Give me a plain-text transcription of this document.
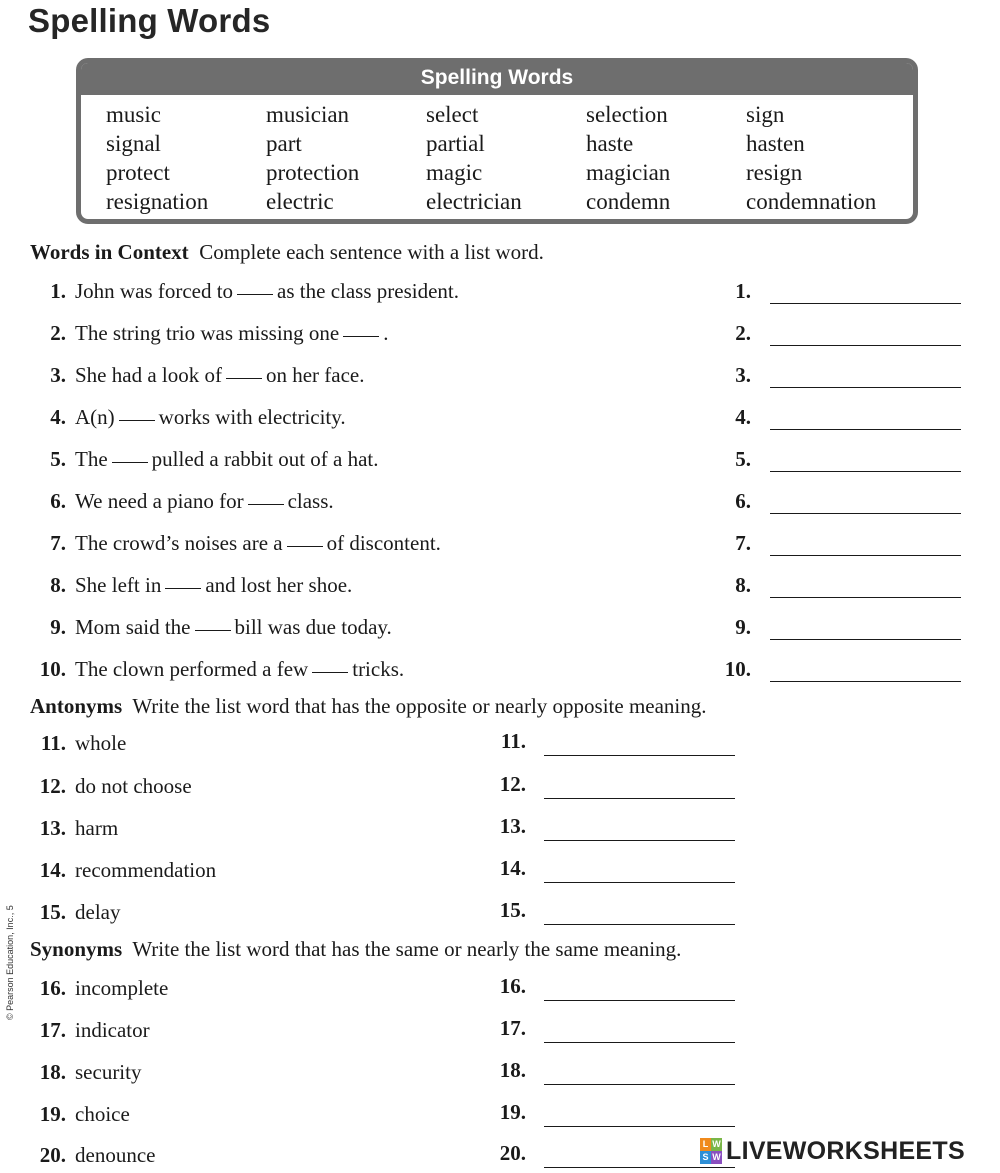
Spelling Words
Spelling Words
music	musician	select	selection	sign
signal	part	partial	haste	hasten
protect	protection	magic	magician	resign
resignation	electric	electrician	condemn	condemnation
Words in Context Complete each sentence with a list word.
1. John was forced to as the class president.	1.
2. The string trio was missing one .	2.
3. She had a look of on her face.	3.
4. A(n) works with electricity.	4.
5. The pulled a rabbit out of a hat.	5.
6. We need a piano for class.	6.
7. The crowd’s noises are a of discontent.	7.
8. She left in and lost her shoe.	8.
9. Mom said the bill was due today.	9.
10. The clown performed a few tricks.	10.
Antonyms Write the list word that has the opposite or nearly opposite meaning.
11. whole	11.
12. do not choose	12.
13. harm	13.
14. recommendation	14.
15. delay	15.
Synonyms Write the list word that has the same or nearly the same meaning.
16. incomplete	16.
17. indicator	17.
18. security	18.
19. choice	19.
20. denounce	20.
© Pearson Education, Inc., 5
L W
S W LIVEWORKSHEETS
